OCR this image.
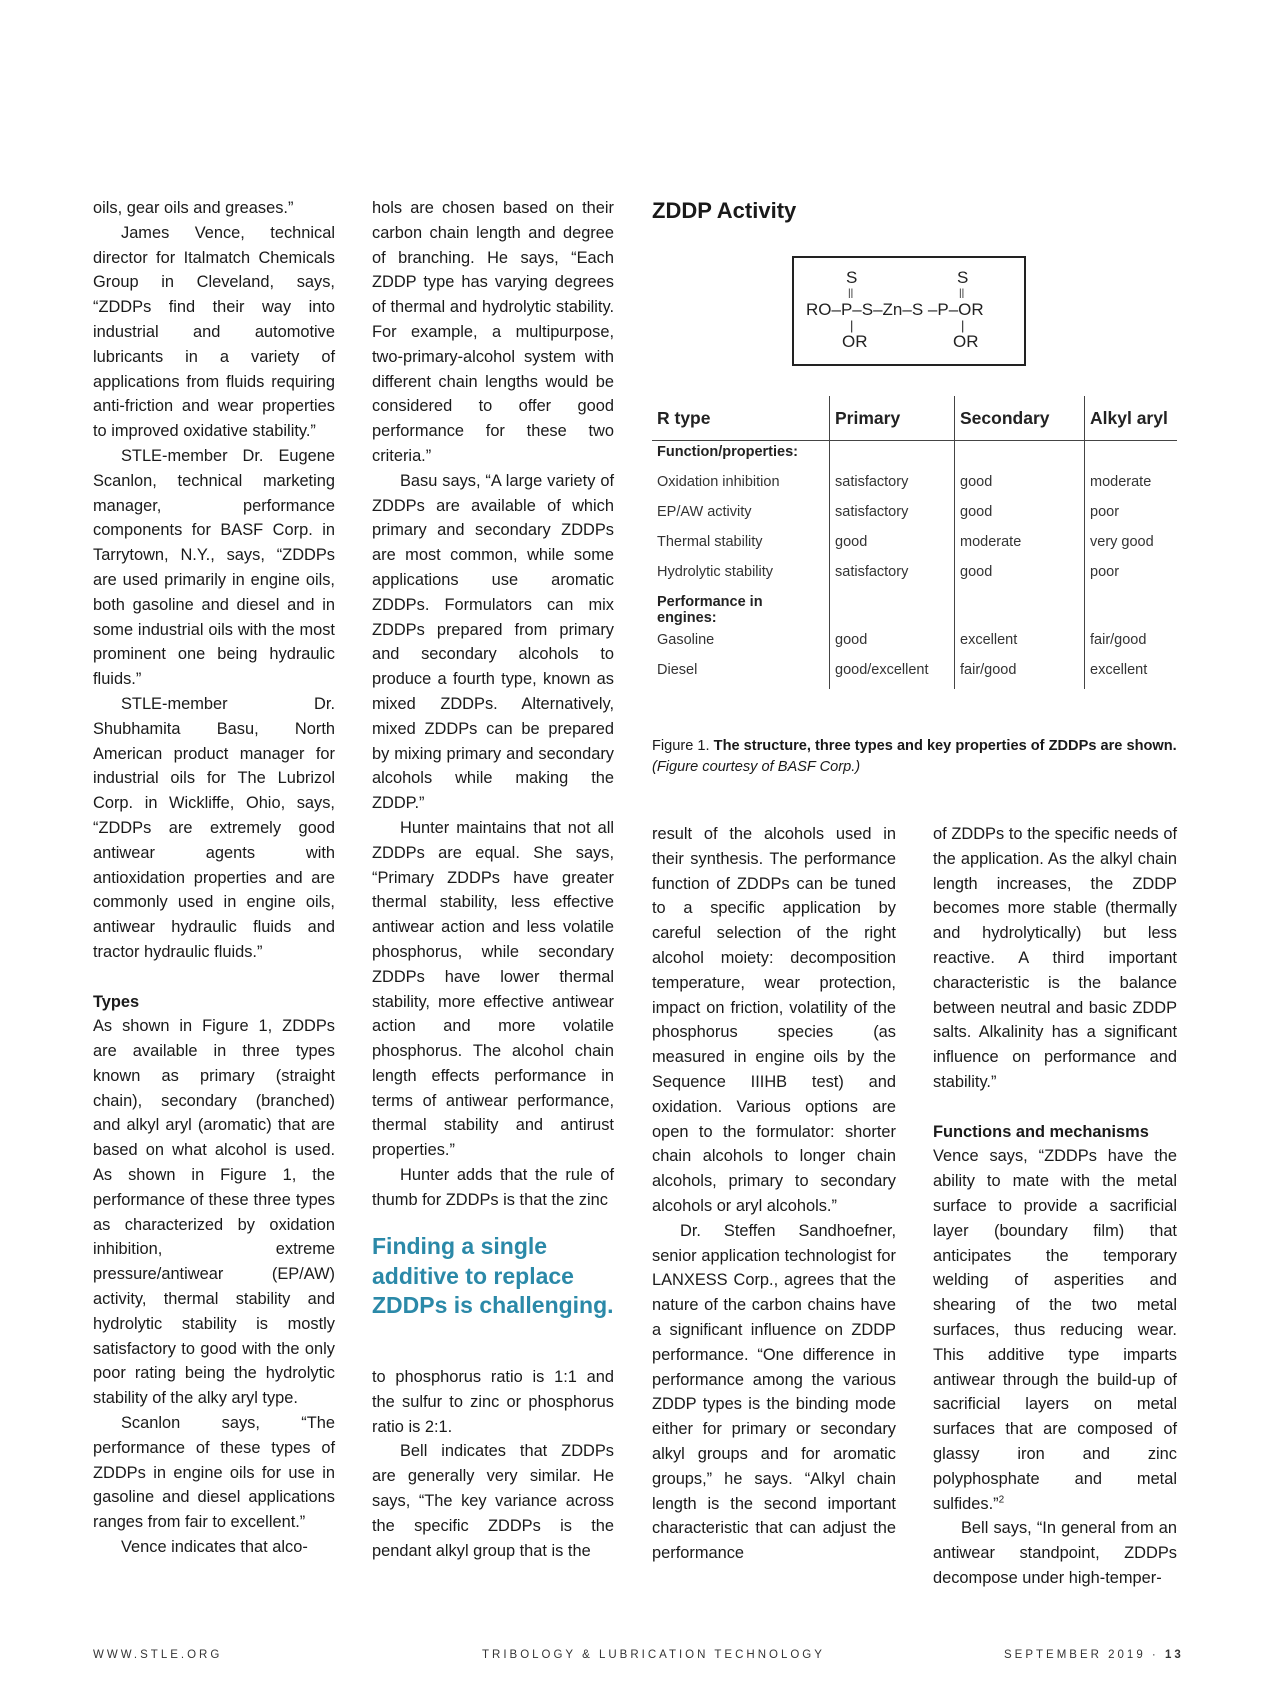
oils, gear oils and greases.”

James Vence, technical director for Italmatch Chemicals Group in Cleveland, says, “ZDDPs find their way into industrial and automotive lubricants in a variety of applications from fluids requiring anti-friction and wear properties to improved oxidative stability.”

STLE-member Dr. Eugene Scanlon, technical marketing manager, performance components for BASF Corp. in Tarrytown, N.Y., says, “ZDDPs are used primarily in engine oils, both gasoline and diesel and in some industrial oils with the most prominent one being hydraulic fluids.”

STLE-member Dr. Shubhamita Basu, North American product manager for industrial oils for The Lubrizol Corp. in Wickliffe, Ohio, says, “ZDDPs are extremely good antiwear agents with antioxidation properties and are commonly used in engine oils, antiwear hydraulic fluids and tractor hydraulic fluids.”

Types

As shown in Figure 1, ZDDPs are available in three types known as primary (straight chain), secondary (branched) and alkyl aryl (aromatic) that are based on what alcohol is used. As shown in Figure 1, the performance of these three types as characterized by oxidation inhibition, extreme pressure/antiwear (EP/AW) activity, thermal stability and hydrolytic stability is mostly satisfactory to good with the only poor rating being the hydrolytic stability of the alky aryl type.

Scanlon says, “The performance of these types of ZDDPs in engine oils for use in gasoline and diesel applications ranges from fair to excellent.”

Vence indicates that alco-

hols are chosen based on their carbon chain length and degree of branching. He says, “Each ZDDP type has varying degrees of thermal and hydrolytic stability. For example, a multipurpose, two-primary-alcohol system with different chain lengths would be considered to offer good performance for these two criteria.”

Basu says, “A large variety of ZDDPs are available of which primary and secondary ZDDPs are most common, while some applications use aromatic ZDDPs. Formulators can mix ZDDPs prepared from primary and secondary alcohols to produce a fourth type, known as mixed ZDDPs. Alternatively, mixed ZDDPs can be prepared by mixing primary and secondary alcohols while making the ZDDP.”

Hunter maintains that not all ZDDPs are equal. She says, “Primary ZDDPs have greater thermal stability, less effective antiwear action and less volatile phosphorus, while secondary ZDDPs have lower thermal stability, more effective antiwear action and more volatile phosphorus. The alcohol chain length effects performance in terms of antiwear performance, thermal stability and antirust properties.”

Hunter adds that the rule of thumb for ZDDPs is that the zinc

Finding a single additive to replace ZDDPs is challenging.

to phosphorus ratio is 1:1 and the sulfur to zinc or phosphorus ratio is 2:1.

Bell indicates that ZDDPs are generally very similar. He says, “The key variance across the specific ZDDPs is the pendant alkyl group that is the

ZDDP Activity
S	S
||	||
RO–P–S–Zn–S –P–OR
|	|
OR	OR
R type	Primary	Secondary	Alkyl aryl
Function/properties:			
Oxidation inhibition	satisfactory	good	moderate
EP/AW activity	satisfactory	good	poor
Thermal stability	good	moderate	very good
Hydrolytic stability	satisfactory	good	poor
Performance in engines:			
Gasoline	good	excellent	fair/good
Diesel	good/excellent	fair/good	excellent
Figure 1. The structure, three types and key properties of ZDDPs are shown.
(Figure courtesy of BASF Corp.)

result of the alcohols used in their synthesis. The performance function of ZDDPs can be tuned to a specific application by careful selection of the right alcohol moiety: decomposition temperature, wear protection, impact on friction, volatility of the phosphorus species (as measured in engine oils by the Sequence IIIHB test) and oxidation. Various options are open to the formulator: shorter chain alcohols to longer chain alcohols, primary to secondary alcohols or aryl alcohols.”

Dr. Steffen Sandhoefner, senior application technologist for LANXESS Corp., agrees that the nature of the carbon chains have a significant influence on ZDDP performance. “One difference in performance among the various ZDDP types is the binding mode either for primary or secondary alkyl groups and for aromatic groups,” he says. “Alkyl chain length is the second important characteristic that can adjust the performance

of ZDDPs to the specific needs of the application. As the alkyl chain length increases, the ZDDP becomes more stable (thermally and hydrolytically) but less reactive. A third important characteristic is the balance between neutral and basic ZDDP salts. Alkalinity has a significant influence on performance and stability.”

Functions and mechanisms

Vence says, “ZDDPs have the ability to mate with the metal surface to provide a sacrificial layer (boundary film) that anticipates the temporary welding of asperities and shearing of the two metal surfaces, thus reducing wear. This additive type imparts antiwear through the build-up of sacrificial layers on metal surfaces that are composed of glassy iron and zinc polyphosphate and metal sulfides.”$^2$

Bell says, “In general from an antiwear standpoint, ZDDPs decompose under high-temper-

WWW.STLE.ORG	TRIBOLOGY & LUBRICATION TECHNOLOGY	SEPTEMBER 2019 · 13
